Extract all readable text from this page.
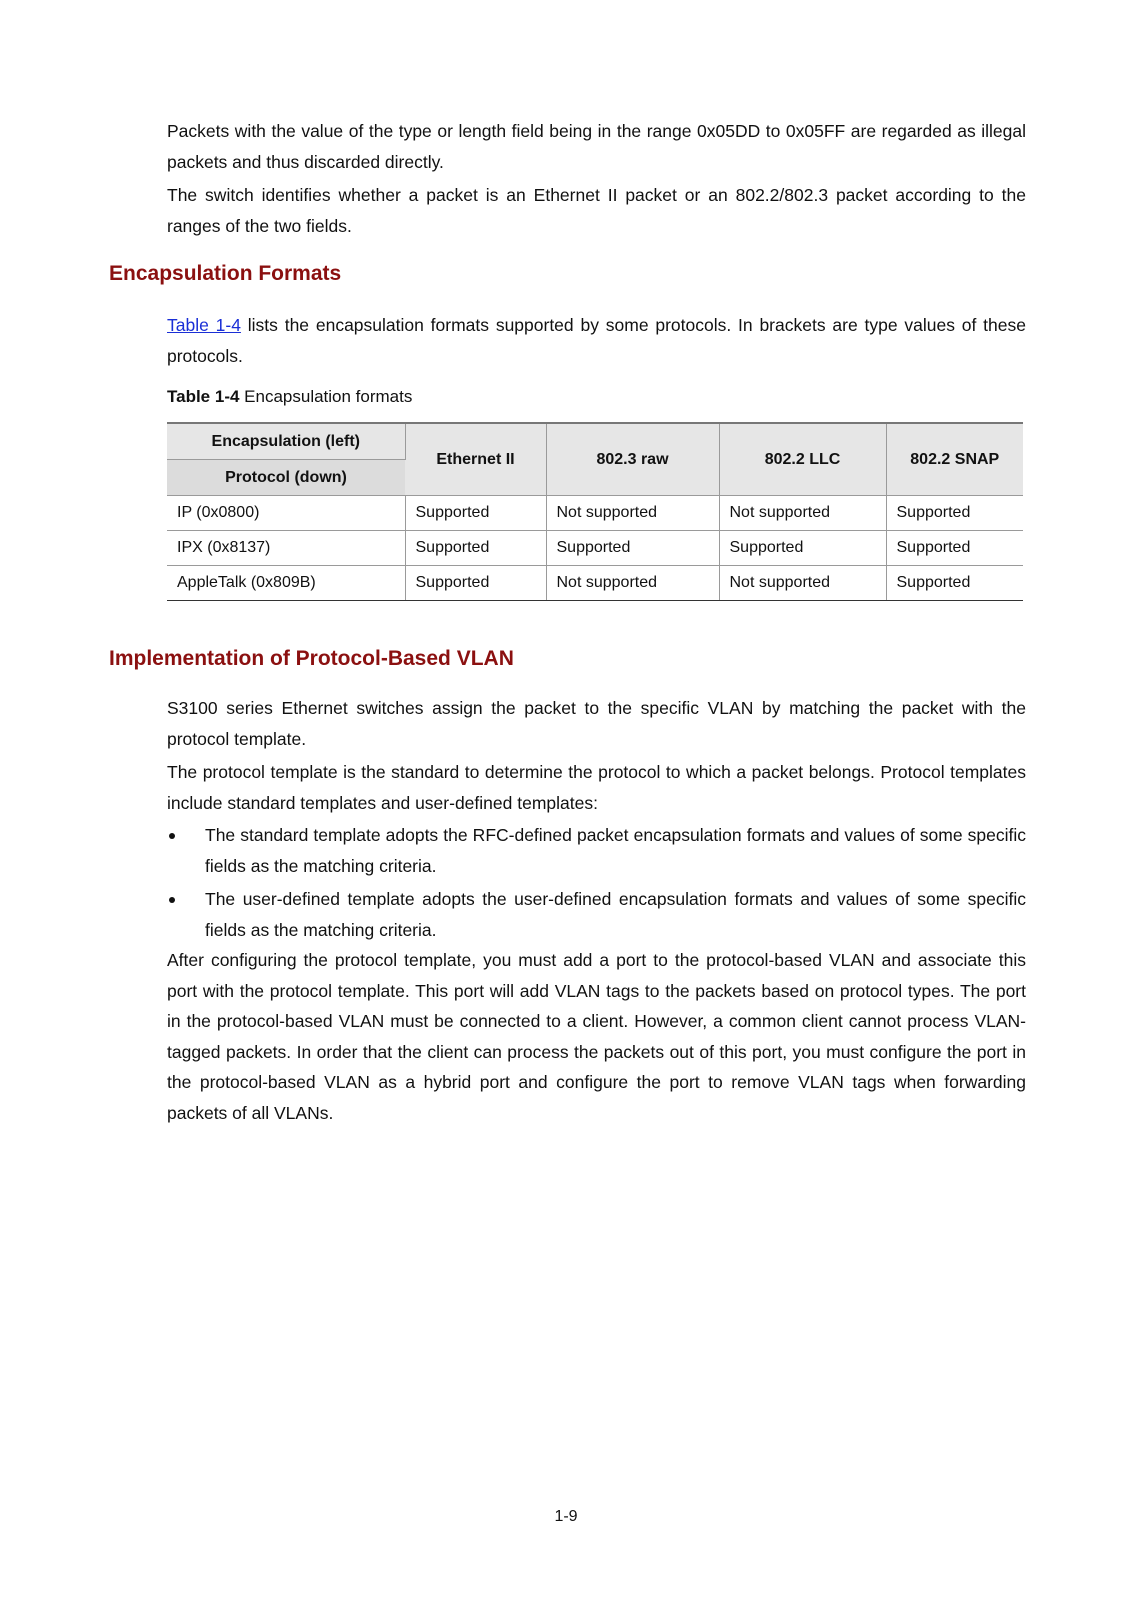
Packets with the value of the type or length field being in the range 0x05DD to 0x05FF are regarded as illegal packets and thus discarded directly.

The switch identifies whether a packet is an Ethernet II packet or an 802.2/802.3 packet according to the ranges of the two fields.

Encapsulation Formats

Table 1-4 lists the encapsulation formats supported by some protocols. In brackets are type values of these protocols.

Table 1-4 Encapsulation formats

Encapsulation (left)	Ethernet II	802.3 raw	802.2 LLC	802.2 SNAP
Protocol (down)				
IP (0x0800)	Supported	Not supported	Not supported	Supported
IPX (0x8137)	Supported	Supported	Supported	Supported
AppleTalk (0x809B)	Supported	Not supported	Not supported	Supported
Implementation of Protocol-Based VLAN

S3100 series Ethernet switches assign the packet to the specific VLAN by matching the packet with the protocol template.

The protocol template is the standard to determine the protocol to which a packet belongs. Protocol templates include standard templates and user-defined templates:

The standard template adopts the RFC-defined packet encapsulation formats and values of some specific fields as the matching criteria.
The user-defined template adopts the user-defined encapsulation formats and values of some specific fields as the matching criteria.

After configuring the protocol template, you must add a port to the protocol-based VLAN and associate this port with the protocol template. This port will add VLAN tags to the packets based on protocol types. The port in the protocol-based VLAN must be connected to a client. However, a common client cannot process VLAN-tagged packets. In order that the client can process the packets out of this port, you must configure the port in the protocol-based VLAN as a hybrid port and configure the port to remove VLAN tags when forwarding packets of all VLANs.

1-9
